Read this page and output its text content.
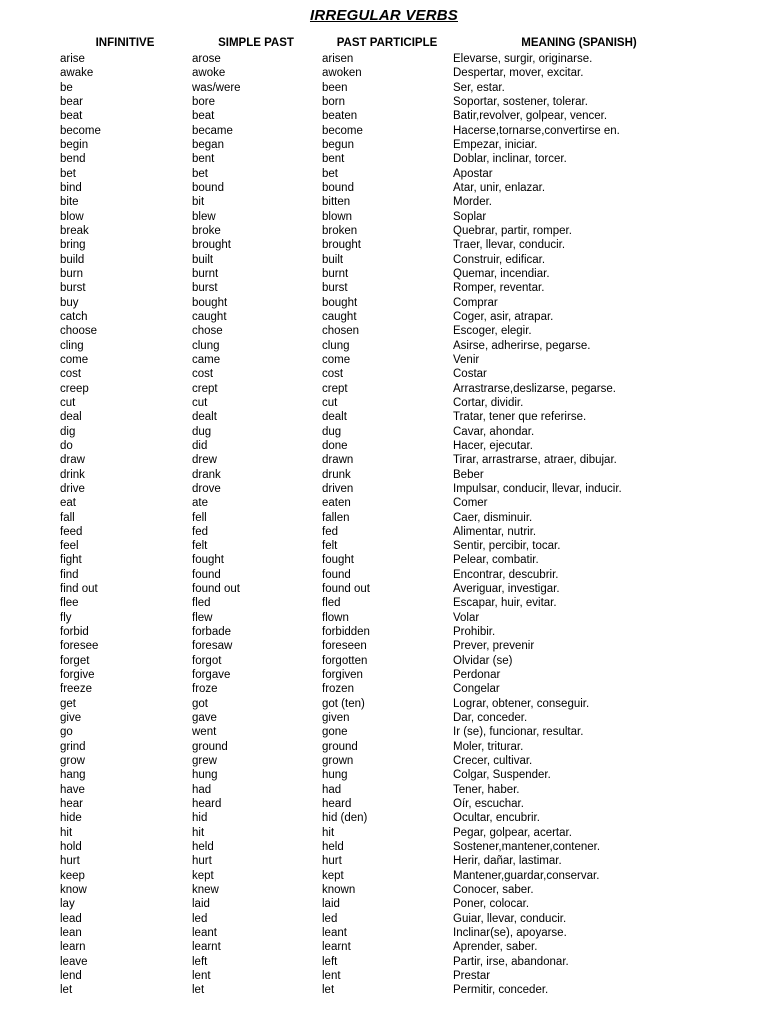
IRREGULAR VERBS
INFINITIVE	SIMPLE PAST	PAST PARTICIPLE	MEANING (SPANISH)
arise	arose	arisen	Elevarse, surgir, originarse.
awake	awoke	awoken	Despertar, mover, excitar.
be	was/were	been	Ser, estar.
bear	bore	born	Soportar, sostener, tolerar.
beat	beat	beaten	Batir,revolver, golpear, vencer.
become	became	become	Hacerse,tornarse,convertirse en.
begin	began	begun	Empezar, iniciar.
bend	bent	bent	Doblar, inclinar, torcer.
bet	bet	bet	Apostar
bind	bound	bound	Atar, unir, enlazar.
bite	bit	bitten	Morder.
blow	blew	blown	Soplar
break	broke	broken	Quebrar, partir, romper.
bring	brought	brought	Traer, llevar, conducir.
build	built	built	Construir, edificar.
burn	burnt	burnt	Quemar, incendiar.
burst	burst	burst	Romper, reventar.
buy	bought	bought	Comprar
catch	caught	caught	Coger, asir, atrapar.
choose	chose	chosen	Escoger, elegir.
cling	clung	clung	Asirse, adherirse, pegarse.
come	came	come	Venir
cost	cost	cost	Costar
creep	crept	crept	Arrastrarse,deslizarse, pegarse.
cut	cut	cut	Cortar, dividir.
deal	dealt	dealt	Tratar, tener que referirse.
dig	dug	dug	Cavar, ahondar.
do	did	done	Hacer, ejecutar.
draw	drew	drawn	Tirar, arrastrarse, atraer, dibujar.
drink	drank	drunk	Beber
drive	drove	driven	Impulsar, conducir, llevar, inducir.
eat	ate	eaten	Comer
fall	fell	fallen	Caer, disminuir.
feed	fed	fed	Alimentar, nutrir.
feel	felt	felt	Sentir, percibir, tocar.
fight	fought	fought	Pelear, combatir.
find	found	found	Encontrar, descubrir.
find out	found out	found out	Averiguar, investigar.
flee	fled	fled	Escapar, huir, evitar.
fly	flew	flown	Volar
forbid	forbade	forbidden	Prohibir.
foresee	foresaw	foreseen	Prever, prevenir
forget	forgot	forgotten	Olvidar (se)
forgive	forgave	forgiven	Perdonar
freeze	froze	frozen	Congelar
get	got	got (ten)	Lograr, obtener, conseguir.
give	gave	given	Dar, conceder.
go	went	gone	Ir (se), funcionar, resultar.
grind	ground	ground	Moler, triturar.
grow	grew	grown	Crecer, cultivar.
hang	hung	hung	Colgar, Suspender.
have	had	had	Tener, haber.
hear	heard	heard	Oír, escuchar.
hide	hid	hid (den)	Ocultar, encubrir.
hit	hit	hit	Pegar, golpear, acertar.
hold	held	held	Sostener,mantener,contener.
hurt	hurt	hurt	Herir, dañar, lastimar.
keep	kept	kept	Mantener,guardar,conservar.
know	knew	known	Conocer, saber.
lay	laid	laid	Poner, colocar.
lead	led	led	Guiar, llevar, conducir.
lean	leant	leant	Inclinar(se), apoyarse.
learn	learnt	learnt	Aprender, saber.
leave	left	left	Partir, irse, abandonar.
lend	lent	lent	Prestar
let	let	let	Permitir, conceder.
